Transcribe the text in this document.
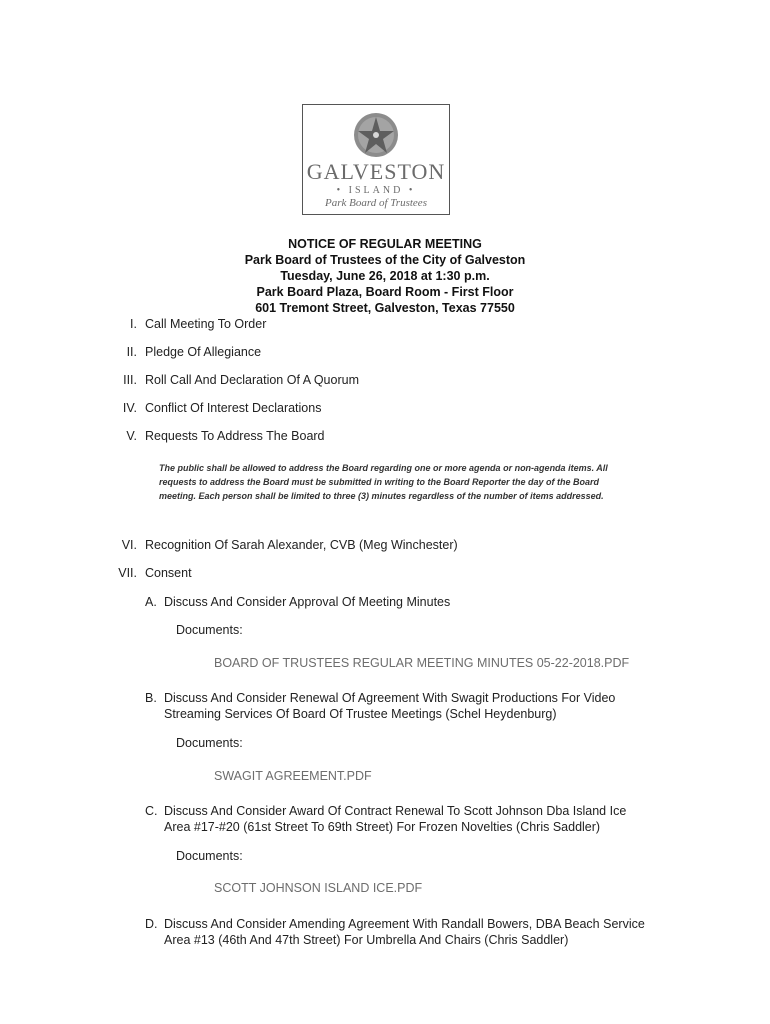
GALVESTON
• ISLAND •
Park Board of Trustees
NOTICE OF REGULAR MEETING
Park Board of Trustees of the City of Galveston
Tuesday, June 26, 2018 at 1:30 p.m.
Park Board Plaza, Board Room - First Floor
601 Tremont Street, Galveston, Texas 77550
I. Call Meeting To Order
II. Pledge Of Allegiance
III. Roll Call And Declaration Of A Quorum
IV. Conflict Of Interest Declarations
V. Requests To Address The Board
The public shall be allowed to address the Board regarding one or more agenda or non-agenda items. All
requests to address the Board must be submitted in writing to the Board Reporter the day of the Board
meeting. Each person shall be limited to three (3) minutes regardless of the number of items addressed.
VI. Recognition Of Sarah Alexander, CVB (Meg Winchester)
VII. Consent
A. Discuss And Consider Approval Of Meeting Minutes
Documents:
BOARD OF TRUSTEES REGULAR MEETING MINUTES 05-22-2018.PDF
B. Discuss And Consider Renewal Of Agreement With Swagit Productions For Video
Streaming Services Of Board Of Trustee Meetings (Schel Heydenburg)
Documents:
SWAGIT AGREEMENT.PDF
C. Discuss And Consider Award Of Contract Renewal To Scott Johnson Dba Island Ice
Area #17-#20 (61st Street To 69th Street) For Frozen Novelties (Chris Saddler)
Documents:
SCOTT JOHNSON ISLAND ICE.PDF
D. Discuss And Consider Amending Agreement With Randall Bowers, DBA Beach Service
Area #13 (46th And 47th Street) For Umbrella And Chairs (Chris Saddler)
